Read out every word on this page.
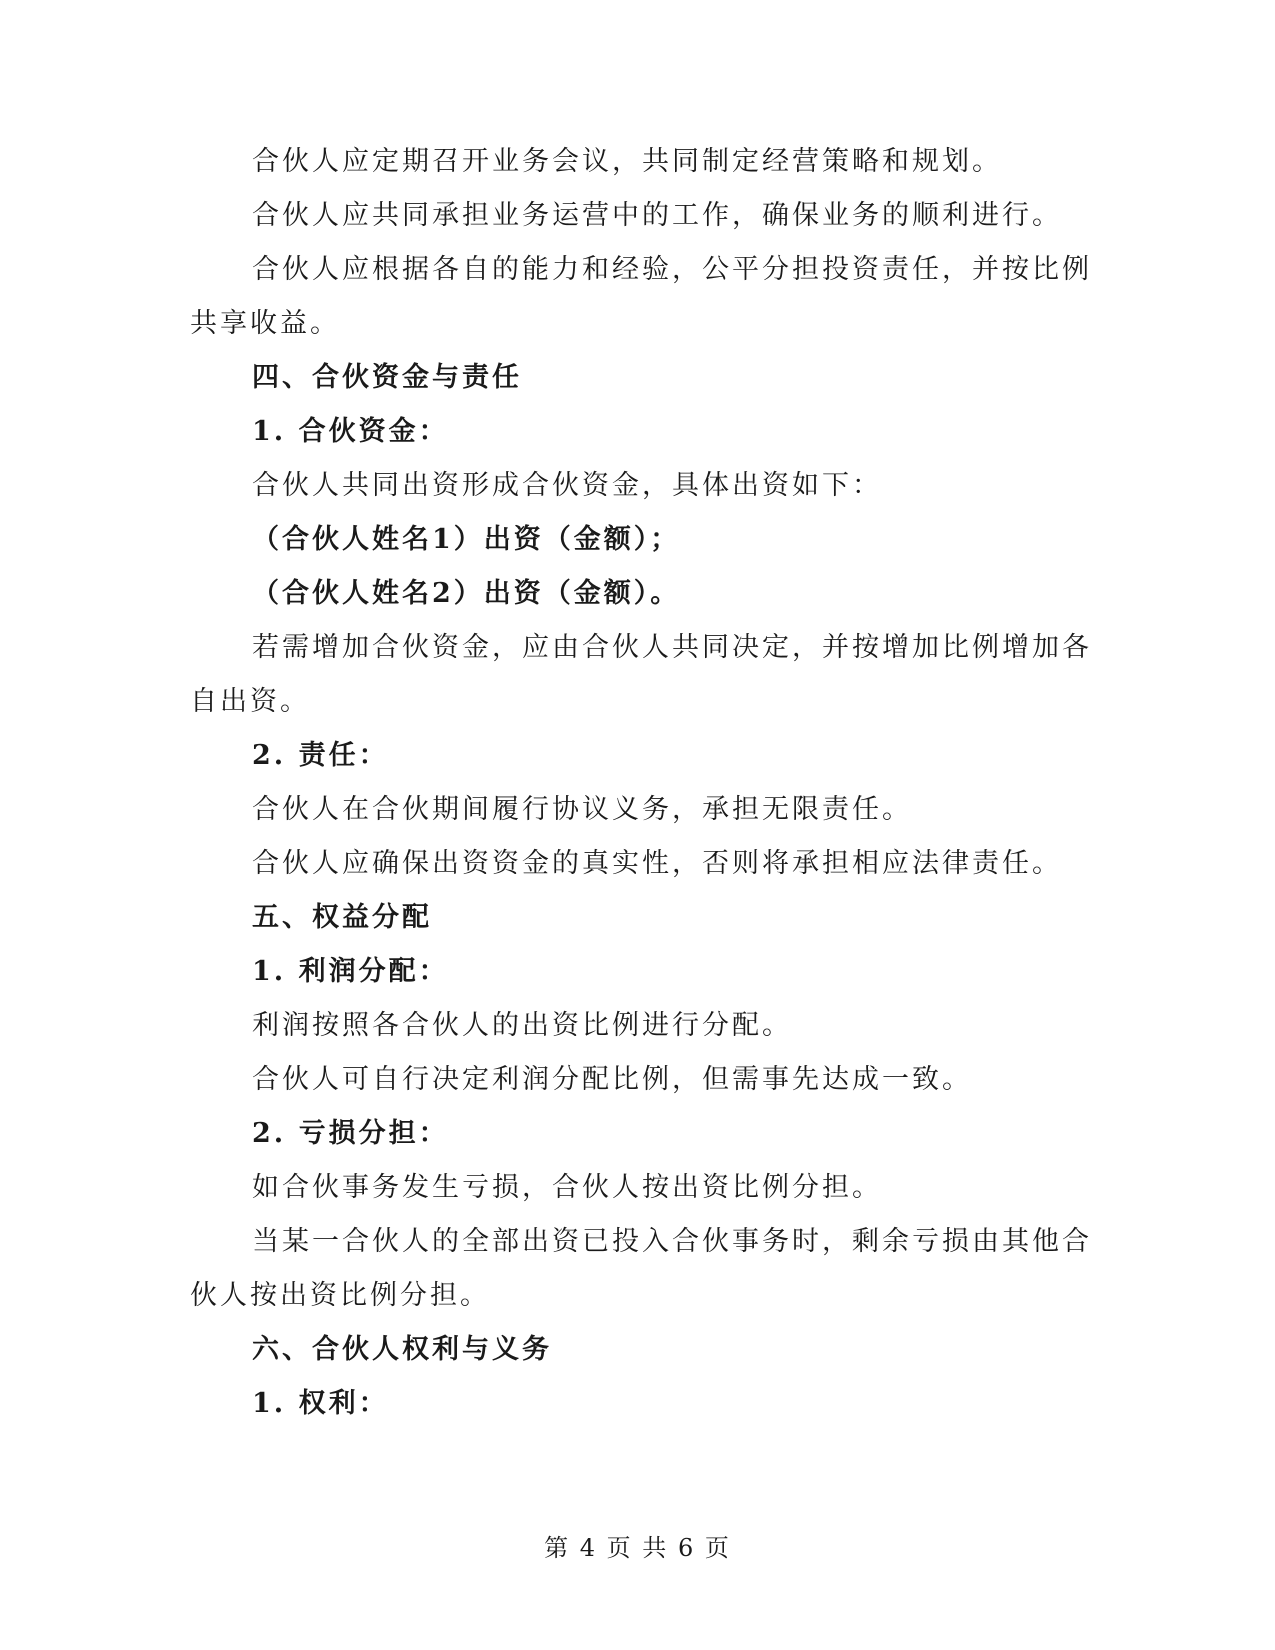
合伙人应定期召开业务会议，共同制定经营策略和规划。
合伙人应共同承担业务运营中的工作，确保业务的顺利进行。
合伙人应根据各自的能力和经验，公平分担投资责任，并按比例
共享收益。
四、合伙资金与责任
1. 合伙资金：
合伙人共同出资形成合伙资金，具体出资如下：
（合伙人姓名1）出资（金额）；
（合伙人姓名2）出资（金额）。
若需增加合伙资金，应由合伙人共同决定，并按增加比例增加各
自出资。
2. 责任：
合伙人在合伙期间履行协议义务，承担无限责任。
合伙人应确保出资资金的真实性，否则将承担相应法律责任。
五、权益分配
1. 利润分配：
利润按照各合伙人的出资比例进行分配。
合伙人可自行决定利润分配比例，但需事先达成一致。
2. 亏损分担：
如合伙事务发生亏损，合伙人按出资比例分担。
当某一合伙人的全部出资已投入合伙事务时，剩余亏损由其他合
伙人按出资比例分担。
六、合伙人权利与义务
1. 权利：
第 4 页 共 6 页
